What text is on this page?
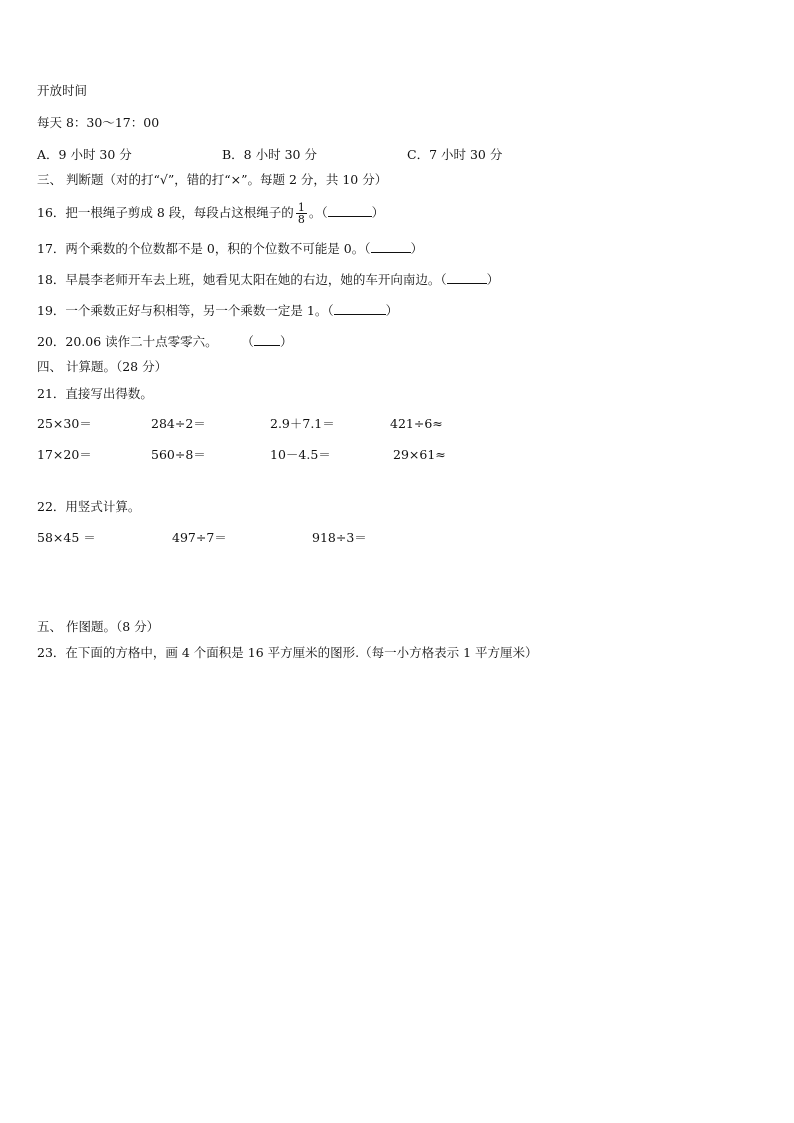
开放时间
每天 8：30～17：00
A．9 小时 30 分	B．8 小时 30 分	C．7 小时 30 分
三、 判断题（对的打“√”，错的打“×”。每题 2 分，共 10 分）
16．把一根绳子剪成 8 段，每段占这根绳子的 $\frac{1}{8}$ 。（	）
17．两个乘数的个位数都不是 0，积的个位数不可能是 0。（	）
18．早晨李老师开车去上班，她看见太阳在她的右边，她的车开向南边。（	）
19．一个乘数正好与积相等，另一个乘数一定是 1。（	）
20．20.06 读作二十点零零六。 （ ）
四、 计算题。（28 分）
21．直接写出得数。
25×30＝	284÷2＝	2.9＋7.1＝	421÷6≈
17×20＝	560÷8＝	10－4.5＝	29×61≈
22．用竖式计算。
58×45 ＝	497÷7＝	918÷3＝
五、 作图题。（8 分）
23．在下面的方格中，画 4 个面积是 16 平方厘米的图形.（每一小方格表示 1 平方厘米）
